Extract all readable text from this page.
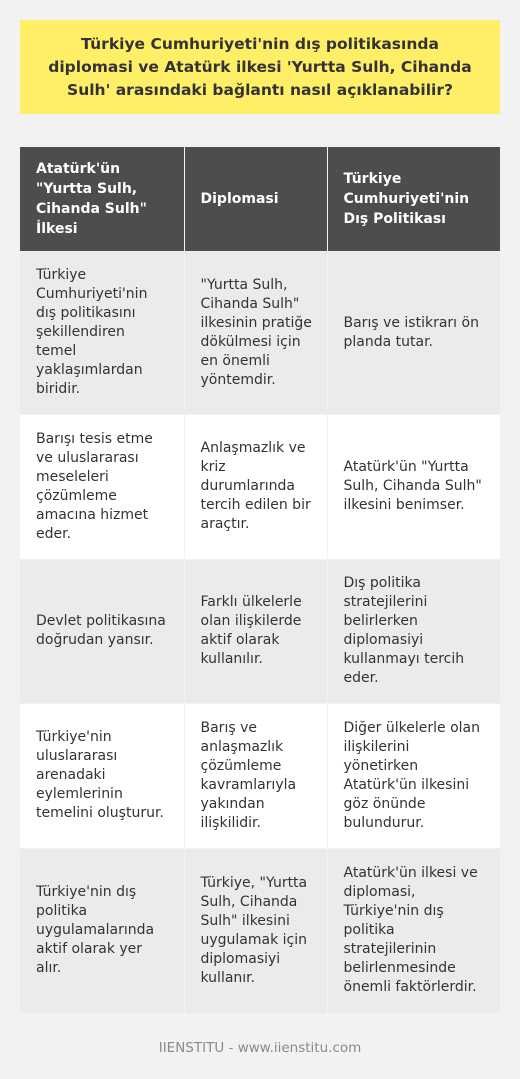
Türkiye Cumhuriyeti'nin dış politikasında diplomasi ve Atatürk ilkesi 'Yurtta Sulh, Cihanda Sulh' arasındaki bağlantı nasıl açıklanabilir?
Atatürk'ün "Yurtta Sulh, Cihanda Sulh" İlkesi	Diplomasi	Türkiye Cumhuriyeti'nin Dış Politikası
Türkiye Cumhuriyeti'nin dış politikasını şekillendiren temel yaklaşımlardan biridir.	"Yurtta Sulh, Cihanda Sulh" ilkesinin pratiğe dökülmesi için en önemli yöntemdir.	Barış ve istikrarı ön planda tutar.
Barışı tesis etme ve uluslararası meseleleri çözümleme amacına hizmet eder.	Anlaşmazlık ve kriz durumlarında tercih edilen bir araçtır.	Atatürk'ün "Yurtta Sulh, Cihanda Sulh" ilkesini benimser.
Devlet politikasına doğrudan yansır.	Farklı ülkelerle olan ilişkilerde aktif olarak kullanılır.	Dış politika stratejilerini belirlerken diplomasiyi kullanmayı tercih eder.
Türkiye'nin uluslararası arenadaki eylemlerinin temelini oluşturur.	Barış ve anlaşmazlık çözümleme kavramlarıyla yakından ilişkilidir.	Diğer ülkelerle olan ilişkilerini yönetirken Atatürk'ün ilkesini göz önünde bulundurur.
Türkiye'nin dış politika uygulamalarında aktif olarak yer alır.	Türkiye, "Yurtta Sulh, Cihanda Sulh" ilkesini uygulamak için diplomasiyi kullanır.	Atatürk'ün ilkesi ve diplomasi, Türkiye'nin dış politika stratejilerinin belirlenmesinde önemli faktörlerdir.
IIENSTITU - www.iienstitu.com
